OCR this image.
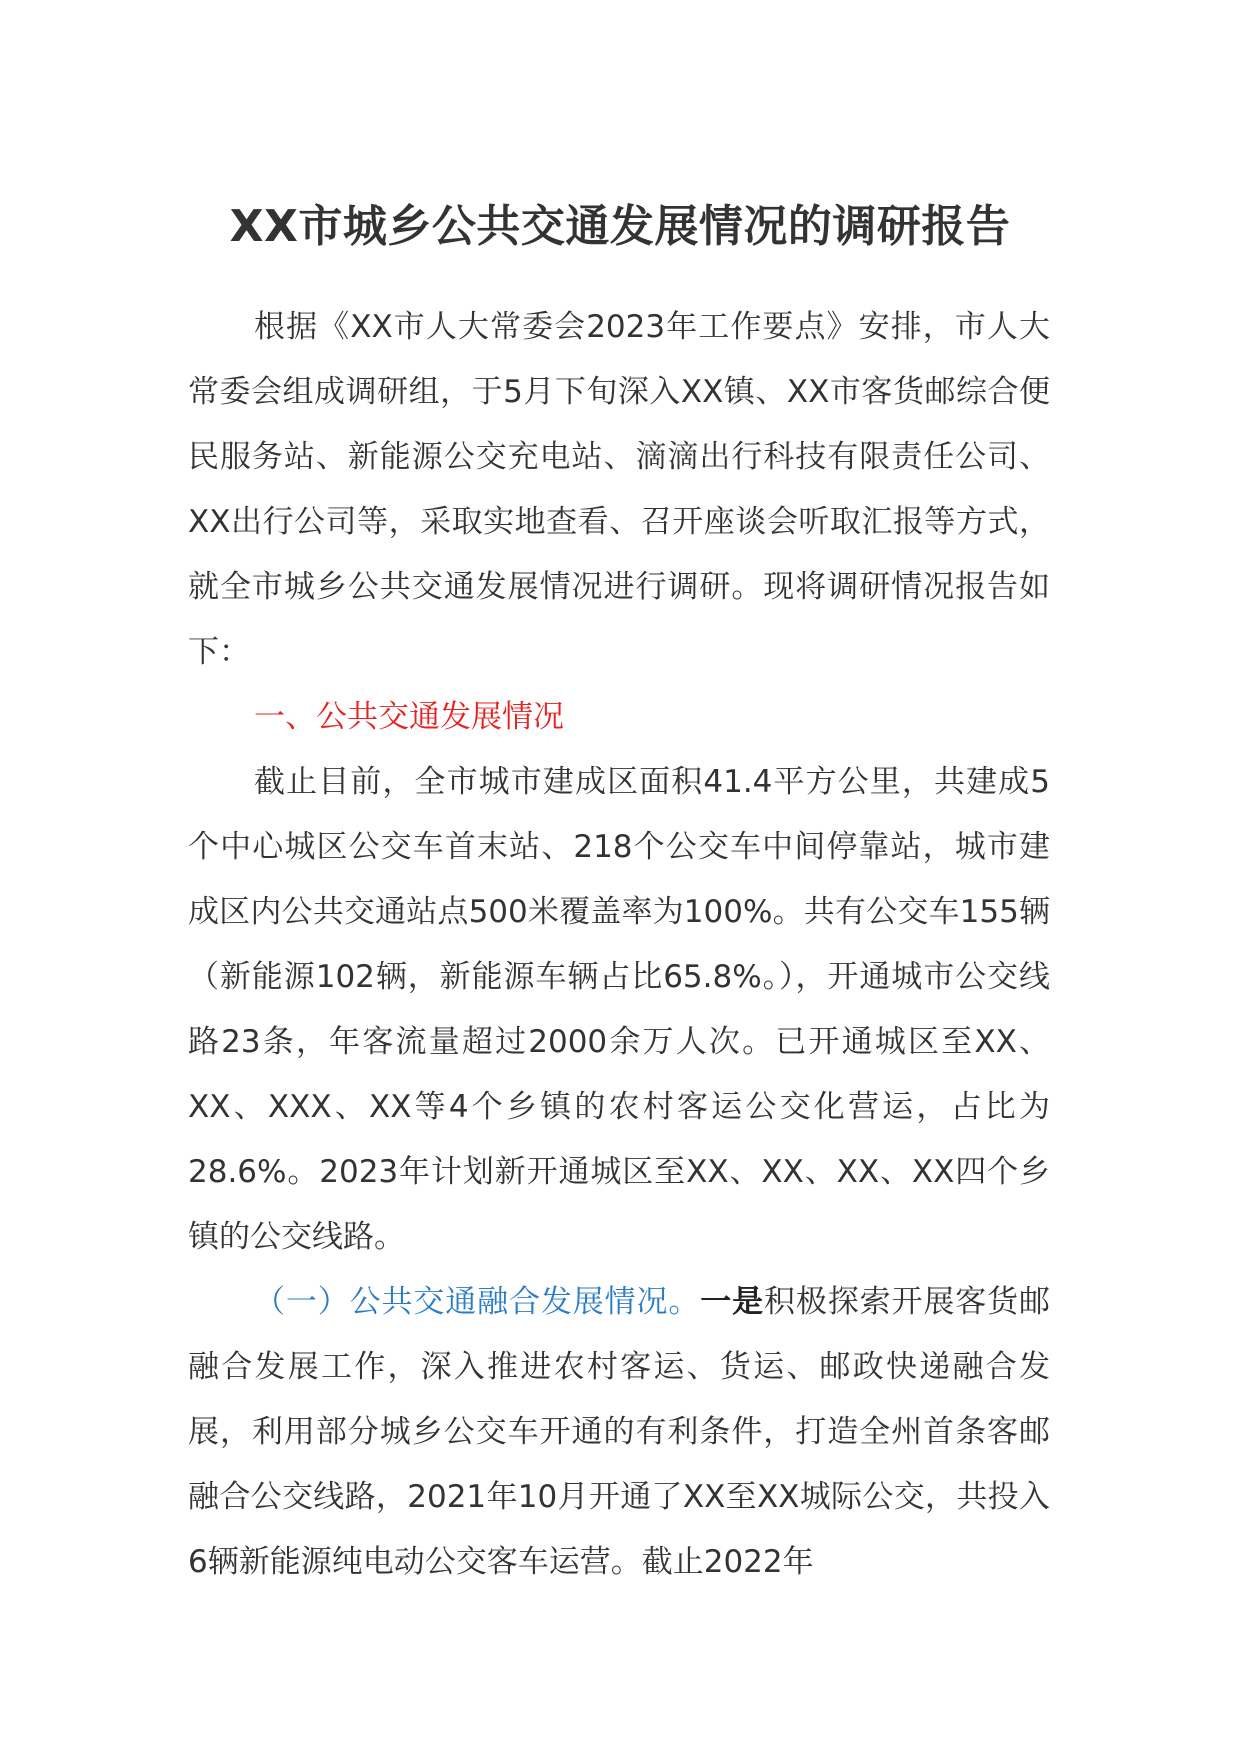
XX市城乡公共交通发展情况的调研报告

根据《XX市人大常委会2023年工作要点》安排，市人大常委会组成调研组，于5月下旬深入XX镇、XX市客货邮综合便民服务站、新能源公交充电站、滴滴出行科技有限责任公司、XX出行公司等，采取实地查看、召开座谈会听取汇报等方式，就全市城乡公共交通发展情况进行调研。现将调研情况报告如下：

一、公共交通发展情况

截止目前，全市城市建成区面积41.4平方公里，共建成5个中心城区公交车首末站、218个公交车中间停靠站，城市建成区内公共交通站点500米覆盖率为100%。共有公交车155辆（新能源102辆，新能源车辆占比65.8%。），开通城市公交线路23条，年客流量超过2000余万人次。已开通城区至XX、XX、XXX、XX等4个乡镇的农村客运公交化营运，占比为28.6%。2023年计划新开通城区至XX、XX、XX、XX四个乡镇的公交线路。

（一）公共交通融合发展情况。一是积极探索开展客货邮融合发展工作，深入推进农村客运、货运、邮政快递融合发展，利用部分城乡公交车开通的有利条件，打造全州首条客邮融合公交线路，2021年10月开通了XX至XX城际公交，共投入6辆新能源纯电动公交客车运营。截止2022年
